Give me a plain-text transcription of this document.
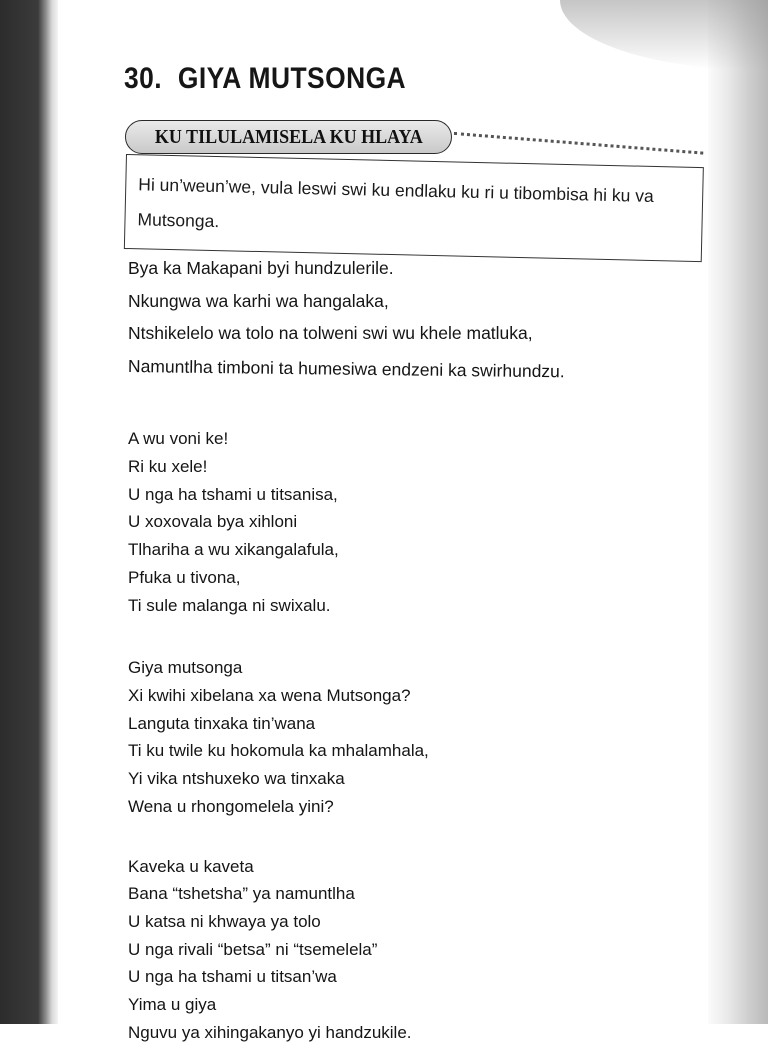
30. GIYA MUTSONGA
KU TILULAMISELA KU HLAYA

Hi un’weun’we, vula leswi swi ku endlaku ku ri u tibombisa hi ku va Mutsonga.

Bya ka Makapani byi hundzulerile.
Nkungwa wa karhi wa hangalaka,
Ntshikelelo wa tolo na tolweni swi wu khele matluka,
Namuntlha timboni ta humesiwa endzeni ka swirhundzu.
A wu voni ke!
Ri ku xele!
U nga ha tshami u titsanisa,
U xoxovala bya xihloni
Tlhariha a wu xikangalafula,
Pfuka u tivona,
Ti sule malanga ni swixalu.
Giya mutsonga
Xi kwihi xibelana xa wena Mutsonga?
Languta tinxaka tin’wana
Ti ku twile ku hokomula ka mhalamhala,
Yi vika ntshuxeko wa tinxaka
Wena u rhongomelela yini?
Kaveka u kaveta
Bana “tshetsha” ya namuntlha
U katsa ni khwaya ya tolo
U nga rivali “betsa” ni “tsemelela”
U nga ha tshami u titsan’wa
Yima u giya
Nguvu ya xihingakanyo yi handzukile.
